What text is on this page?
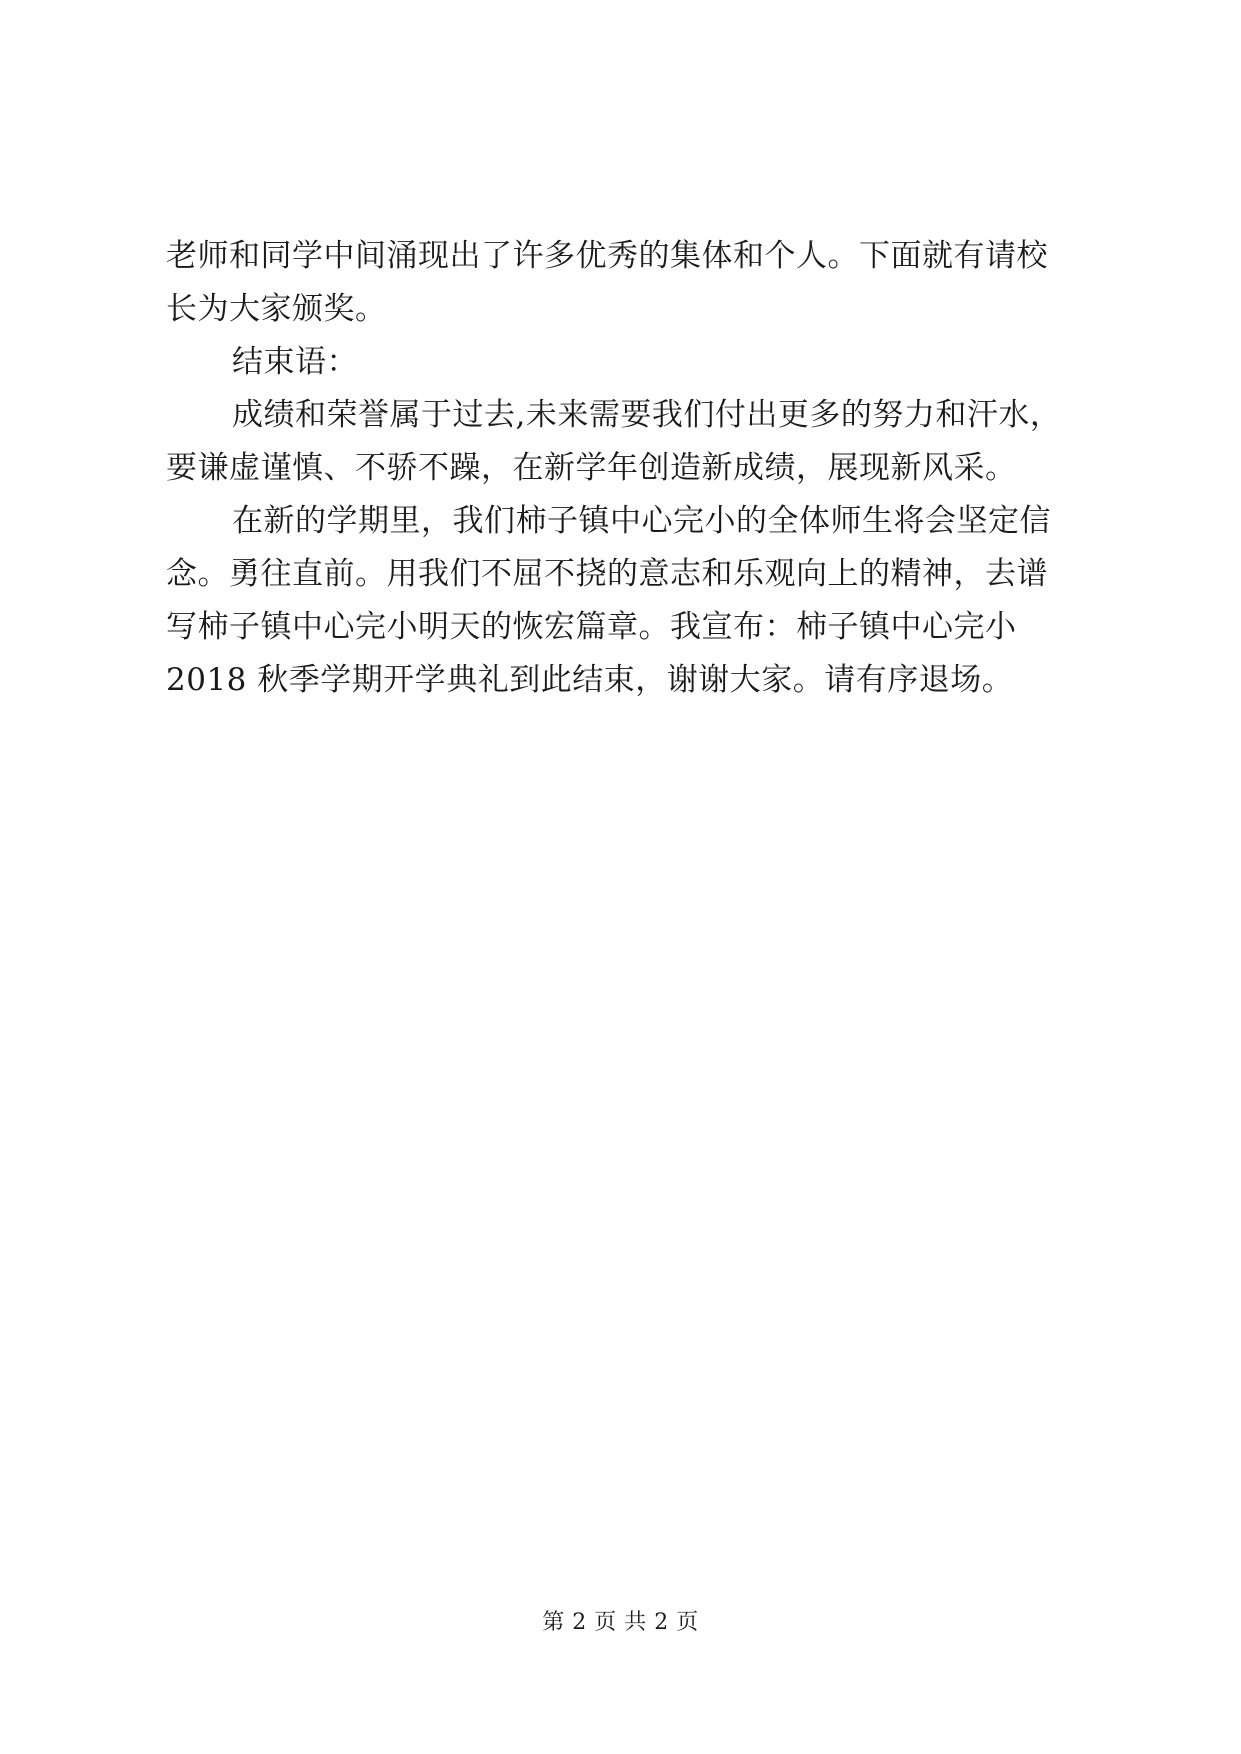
老师和同学中间涌现出了许多优秀的集体和个人。下面就有请校
长为大家颁奖。
结束语：
成绩和荣誉属于过去,未来需要我们付出更多的努力和汗水，
要谦虚谨慎、不骄不躁，在新学年创造新成绩，展现新风采。
在新的学期里，我们柿子镇中心完小的全体师生将会坚定信
念。勇往直前。用我们不屈不挠的意志和乐观向上的精神，去谱
写柿子镇中心完小明天的恢宏篇章。我宣布：柿子镇中心完小
2018 秋季学期开学典礼到此结束，谢谢大家。请有序退场。
第 2 页 共 2 页
